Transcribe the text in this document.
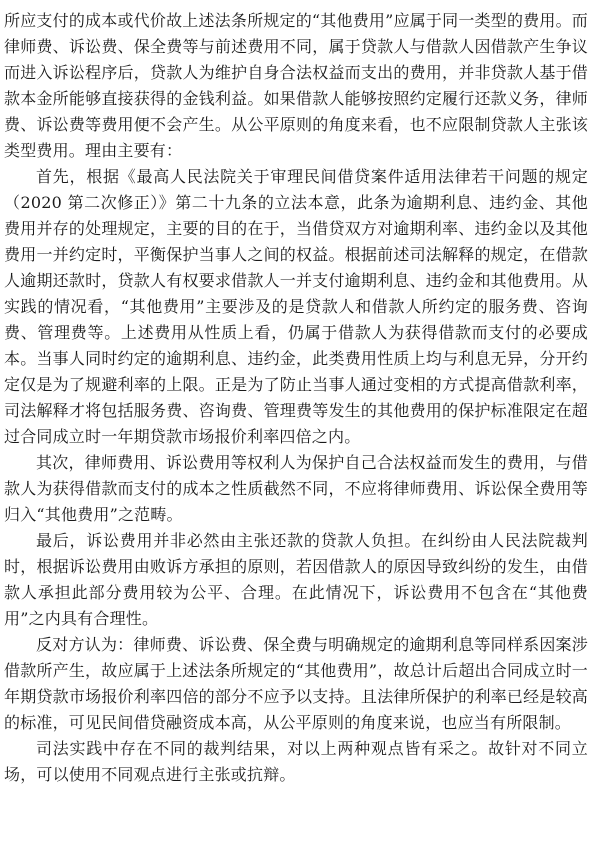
所应支付的成本或代价故上述法条所规定的“其他费用”应属于同一类型的费用。而律师费、诉讼费、保全费等与前述费用不同，属于贷款人与借款人因借款产生争议而进入诉讼程序后，贷款人为维护自身合法权益而支出的费用，并非贷款人基于借款本金所能够直接获得的金钱利益。如果借款人能够按照约定履行还款义务，律师费、诉讼费等费用便不会产生。从公平原则的角度来看，也不应限制贷款人主张该类型费用。理由主要有：

首先，根据《最高人民法院关于审理民间借贷案件适用法律若干问题的规定（2020 第二次修正）》第二十九条的立法本意，此条为逾期利息、违约金、其他费用并存的处理规定，主要的目的在于，当借贷双方对逾期利率、违约金以及其他费用一并约定时，平衡保护当事人之间的权益。根据前述司法解释的规定，在借款人逾期还款时，贷款人有权要求借款人一并支付逾期利息、违约金和其他费用。从实践的情况看，“其他费用”主要涉及的是贷款人和借款人所约定的服务费、咨询费、管理费等。上述费用从性质上看，仍属于借款人为获得借款而支付的必要成本。当事人同时约定的逾期利息、违约金，此类费用性质上均与利息无异，分开约定仅是为了规避利率的上限。正是为了防止当事人通过变相的方式提高借款利率，司法解释才将包括服务费、咨询费、管理费等发生的其他费用的保护标准限定在超过合同成立时一年期贷款市场报价利率四倍之内。

其次，律师费用、诉讼费用等权利人为保护自己合法权益而发生的费用，与借款人为获得借款而支付的成本之性质截然不同，不应将律师费用、诉讼保全费用等归入“其他费用”之范畴。

最后，诉讼费用并非必然由主张还款的贷款人负担。在纠纷由人民法院裁判时，根据诉讼费用由败诉方承担的原则，若因借款人的原因导致纠纷的发生，由借款人承担此部分费用较为公平、合理。在此情况下，诉讼费用不包含在“其他费用”之内具有合理性。

反对方认为：律师费、诉讼费、保全费与明确规定的逾期利息等同样系因案涉借款所产生，故应属于上述法条所规定的“其他费用”，故总计后超出合同成立时一年期贷款市场报价利率四倍的部分不应予以支持。且法律所保护的利率已经是较高的标准，可见民间借贷融资成本高，从公平原则的角度来说，也应当有所限制。

司法实践中存在不同的裁判结果，对以上两种观点皆有采之。故针对不同立场，可以使用不同观点进行主张或抗辩。
